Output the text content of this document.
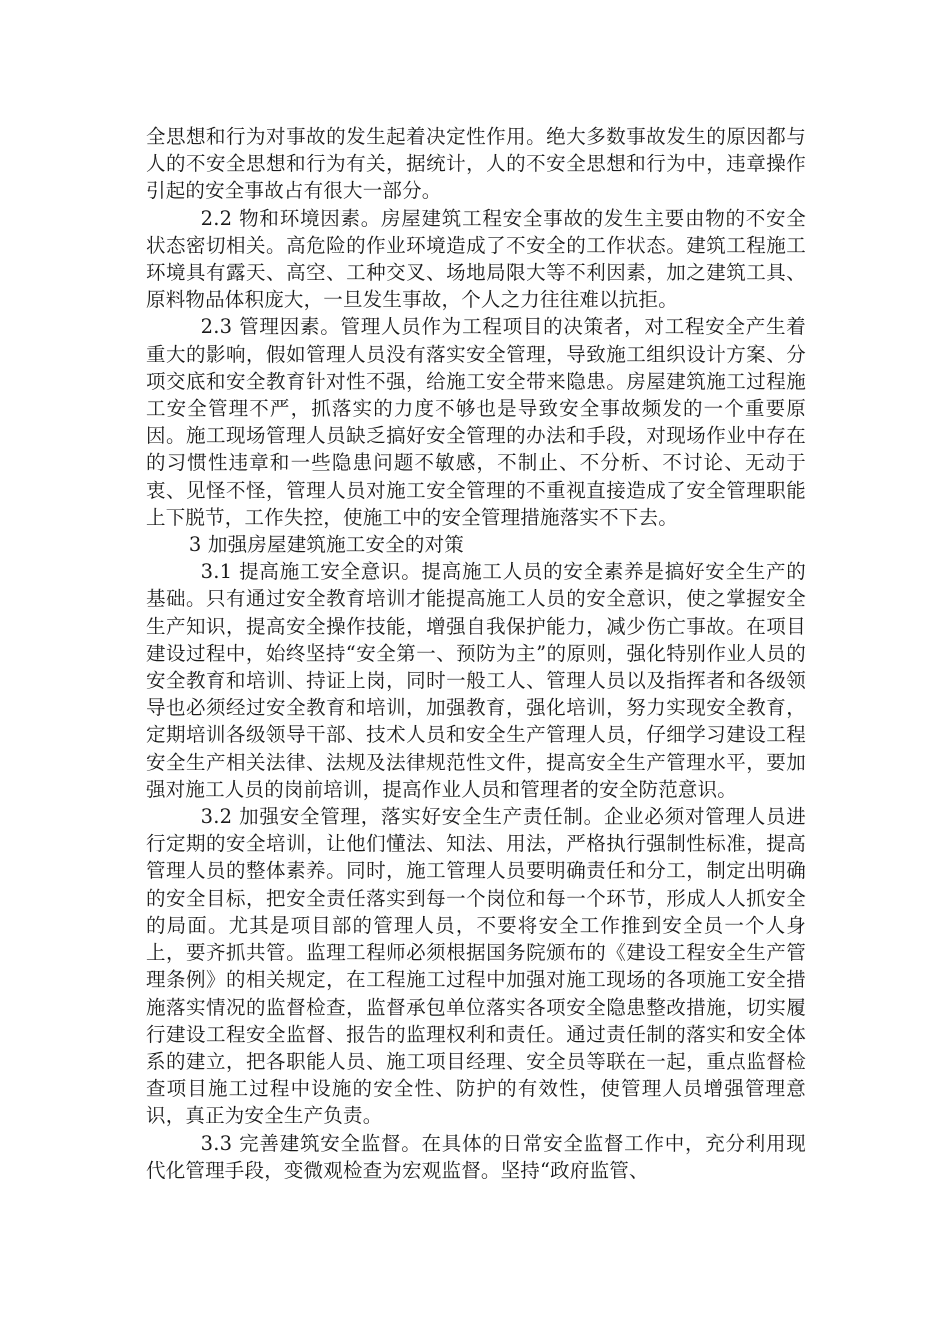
全思想和行为对事故的发生起着决定性作用。绝大多数事故发生的原因都与人的不安全思想和行为有关，据统计，人的不安全思想和行为中，违章操作引起的安全事故占有很大一部分。

2.2 物和环境因素。房屋建筑工程安全事故的发生主要由物的不安全状态密切相关。高危险的作业环境造成了不安全的工作状态。建筑工程施工环境具有露天、高空、工种交叉、场地局限大等不利因素，加之建筑工具、原料物品体积庞大，一旦发生事故，个人之力往往难以抗拒。

2.3 管理因素。管理人员作为工程项目的决策者，对工程安全产生着重大的影响，假如管理人员没有落实安全管理，导致施工组织设计方案、分项交底和安全教育针对性不强，给施工安全带来隐患。房屋建筑施工过程施工安全管理不严，抓落实的力度不够也是导致安全事故频发的一个重要原因。施工现场管理人员缺乏搞好安全管理的办法和手段，对现场作业中存在的习惯性违章和一些隐患问题不敏感，不制止、不分析、不讨论、无动于衷、见怪不怪，管理人员对施工安全管理的不重视直接造成了安全管理职能上下脱节，工作失控，使施工中的安全管理措施落实不下去。

3 加强房屋建筑施工安全的对策

3.1 提高施工安全意识。提高施工人员的安全素养是搞好安全生产的基础。只有通过安全教育培训才能提高施工人员的安全意识，使之掌握安全生产知识，提高安全操作技能，增强自我保护能力，减少伤亡事故。在项目建设过程中，始终坚持“安全第一、预防为主”的原则，强化特别作业人员的安全教育和培训、持证上岗，同时一般工人、管理人员以及指挥者和各级领导也必须经过安全教育和培训，加强教育，强化培训，努力实现安全教育，定期培训各级领导干部、技术人员和安全生产管理人员，仔细学习建设工程安全生产相关法律、法规及法律规范性文件，提高安全生产管理水平，要加强对施工人员的岗前培训，提高作业人员和管理者的安全防范意识。

3.2 加强安全管理，落实好安全生产责任制。企业必须对管理人员进行定期的安全培训，让他们懂法、知法、用法，严格执行强制性标准，提高管理人员的整体素养。同时，施工管理人员要明确责任和分工，制定出明确的安全目标，把安全责任落实到每一个岗位和每一个环节，形成人人抓安全的局面。尤其是项目部的管理人员，不要将安全工作推到安全员一个人身上，要齐抓共管。监理工程师必须根据国务院颁布的《建设工程安全生产管理条例》的相关规定，在工程施工过程中加强对施工现场的各项施工安全措施落实情况的监督检查，监督承包单位落实各项安全隐患整改措施，切实履行建设工程安全监督、报告的监理权利和责任。通过责任制的落实和安全体系的建立，把各职能人员、施工项目经理、安全员等联在一起，重点监督检查项目施工过程中设施的安全性、防护的有效性，使管理人员增强管理意识，真正为安全生产负责。

3.3 完善建筑安全监督。在具体的日常安全监督工作中，充分利用现代化管理手段，变微观检查为宏观监督。坚持“政府监管、
